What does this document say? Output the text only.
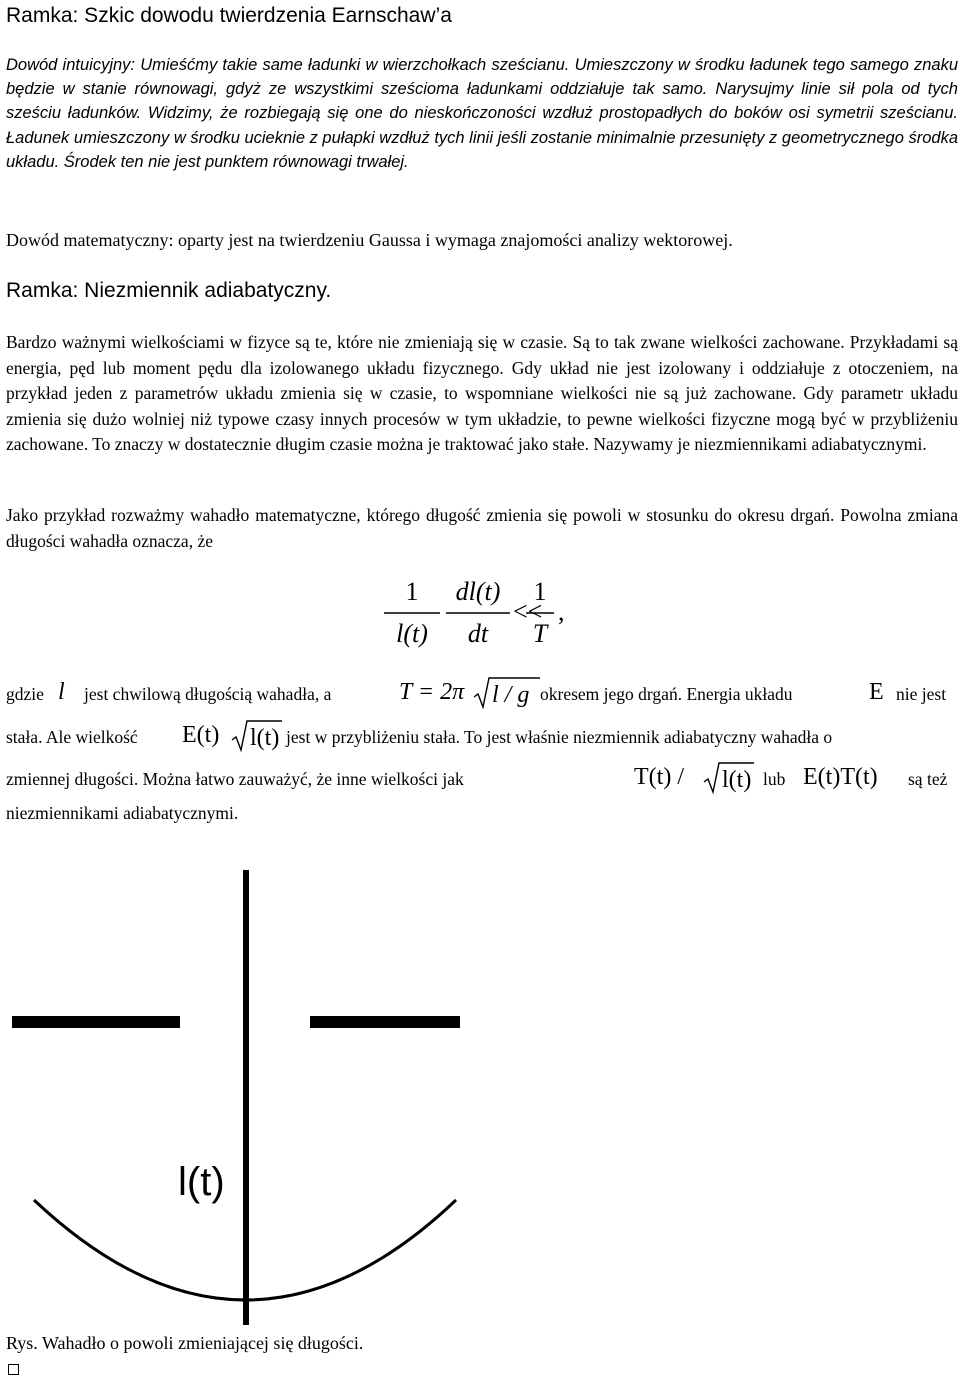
Ramka: Szkic dowodu twierdzenia Earnschaw’a
Dowód intuicyjny: Umieśćmy takie same ładunki w wierzchołkach sześcianu. Umieszczony w środku ładunek tego samego znaku będzie w stanie równowagi, gdyż ze wszystkimi sześcioma ładunkami oddziałuje tak samo. Narysujmy linie sił pola od tych sześciu ładunków. Widzimy, że rozbiegają się one do nieskończoności wzdłuż prostopadłych do boków osi symetrii sześcianu. Ładunek umieszczony w środku ucieknie z pułapki wzdłuż tych linii jeśli zostanie minimalnie przesunięty z geometrycznego środka układu. Środek ten nie jest punktem równowagi trwałej.
Dowód matematyczny: oparty jest na twierdzeniu Gaussa i wymaga znajomości analizy wektorowej.
Ramka: Niezmiennik adiabatyczny.
Bardzo ważnymi wielkościami w fizyce są te, które nie zmieniają się w czasie. Są to tak zwane wielkości zachowane. Przykładami są energia, pęd lub moment pędu dla izolowanego układu fizycznego. Gdy układ nie jest izolowany i oddziałuje z otoczeniem, na przykład jeden z parametrów układu zmienia się w czasie, to wspomniane wielkości nie są już zachowane. Gdy parametr układu zmienia się dużo wolniej niż typowe czasy innych procesów w tym układzie, to pewne wielkości fizyczne mogą być w przybliżeniu zachowane. To znaczy w dostatecznie długim czasie można je traktować jako stałe. Nazywamy je niezmiennikami adiabatycznymi.
Jako przykład rozważmy wahadło matematyczne, którego długość zmienia się powoli w stosunku do okresu drgań. Powolna zmiana długości wahadła oznacza, że
1
l(t)
dl(t)
dt
<<
1
T
,
gdzie l jest chwilową długością wahadła, a	T = 2π l / g okresem jego drgań. Energia układu	E nie jest
stała. Ale wielkość E(t) l(t) jest w przybliżeniu stała. To jest właśnie niezmiennik adiabatyczny wahadła o
zmiennej długości. Można łatwo zauważyć, że inne wielkości jak	T(t) / l(t) lub E(t)T(t) są też
niezmiennikami adiabatycznymi.
l(t)
Rys. Wahadło o powoli zmieniającej się długości.
